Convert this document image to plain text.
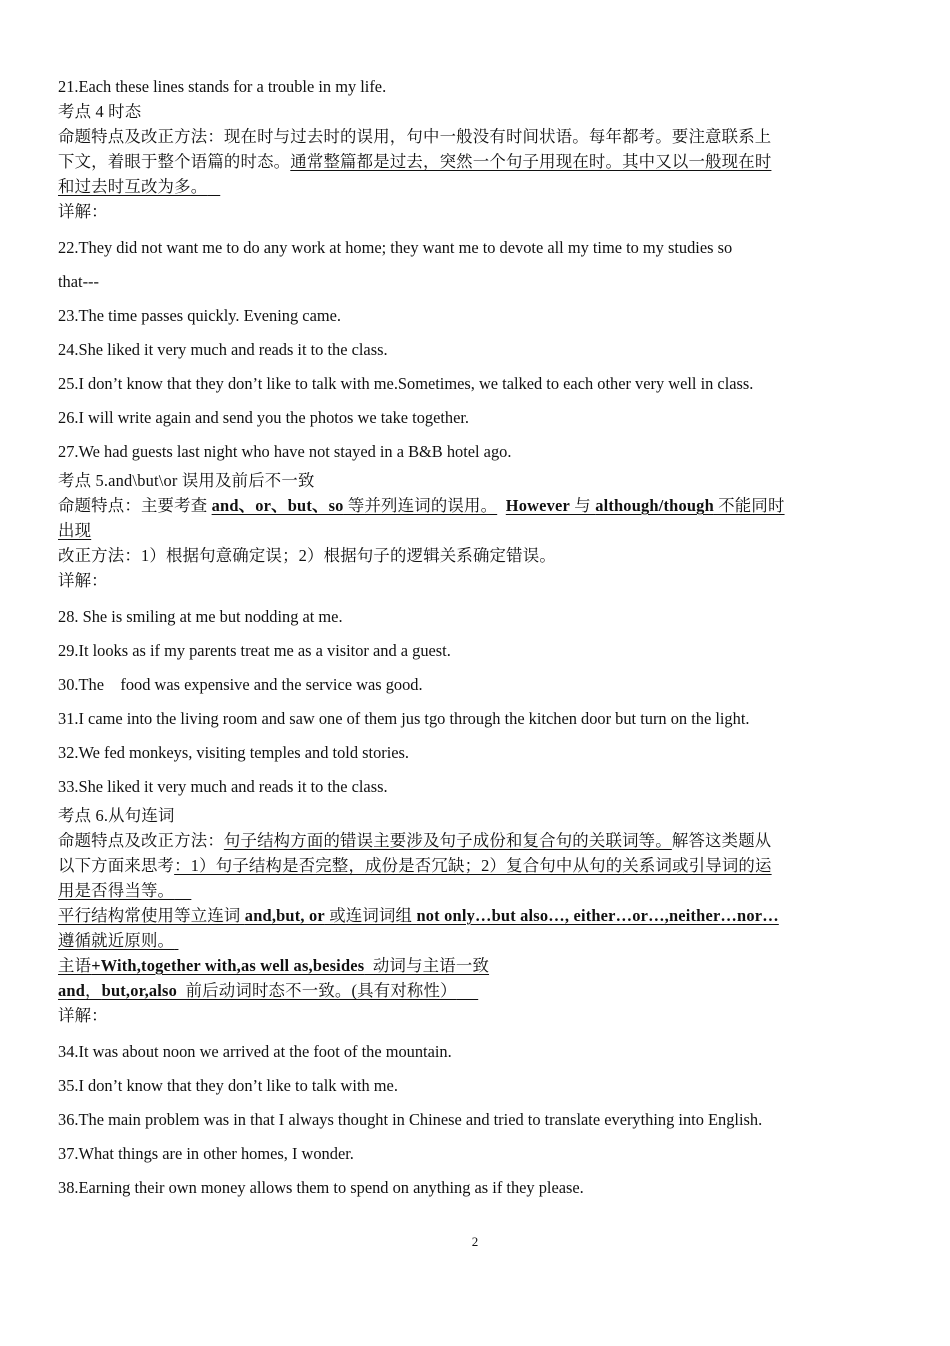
21.Each these lines stands for a trouble in my life.
考点 4 时态
命题特点及改正方法：现在时与过去时的误用，句中一般没有时间状语。每年都考。要注意联系上
下文，着眼于整个语篇的时态。通常整篇都是过去，突然一个句子用现在时。其中又以一般现在时
和过去时互改为多。
详解：
22.They did not want me to do any work at home; they want me to devote all my time to my studies so
that---
23.The time passes quickly. Evening came.
24.She liked it very much and reads it to the class.
25.I don’t know that they don’t like to talk with me.Sometimes, we talked to each other very well in class.
26.I will write again and send you the photos we take together.
27.We had guests last night who have not stayed in a B&B hotel ago.
考点 5.and\but\or 误用及前后不一致
命题特点：主要考查 and、or、but、so 等并列连词的误用。 However 与 although/though 不能同时
出现
改正方法：1）根据句意确定误；2）根据句子的逻辑关系确定错误。
详解：
28. She is smiling at me but nodding at me.
29.It looks as if my parents treat me as a visitor and a guest.
30.The    food was expensive and the service was good.
31.I came into the living room and saw one of them jus tgo through the kitchen door but turn on the light.
32.We fed monkeys, visiting temples and told stories.
33.She liked it very much and reads it to the class.
考点 6.从句连词
命题特点及改正方法：句子结构方面的错误主要涉及句子成份和复合句的关联词等。解答这类题从
以下方面来思考：1）句子结构是否完整，成份是否冗缺；2）复合句中从句的关系词或引导词的运
用是否得当等。
平行结构常使用等立连词 and,but, or 或连词词组 not only…but also…, either…or…,neither…nor…
遵循就近原则。
主语+With,together with,as well as,besides  动词与主语一致
and，but,or,also  前后动词时态不一致。(具有对称性）
详解：
34.It was about noon we arrived at the foot of the mountain.
35.I don’t know that they don’t like to talk with me.
36.The main problem was in that I always thought in Chinese and tried to translate everything into English.
37.What things are in other homes, I wonder.
38.Earning their own money allows them to spend on anything as if they please.
2
